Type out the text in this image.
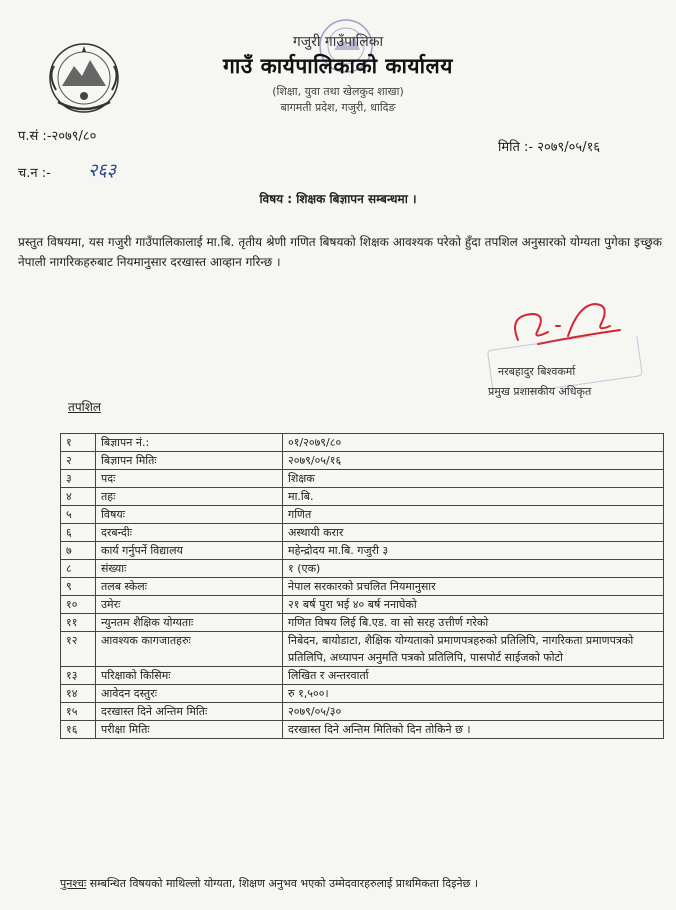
गजुरी गाउँपालिका
गाउँ कार्यपालिकाको कार्यालय
(शिक्षा, युवा तथा खेलकुद शाखा)
बागमती प्रदेश, गजुरी, धादिङ
प.सं :-२०७९/८०
मिति :- २०७९/०५/१६
च.न :- २६३
विषय : शिक्षक बिज्ञापन सम्बन्धमा ।
प्रस्तुत विषयमा, यस गजुरी गाउँपालिकालाई मा.बि. तृतीय श्रेणी गणित बिषयको शिक्षक आवश्यक परेको हुँदा तपशिल अनुसारको योग्यता पुगेका इच्छुक नेपाली नागरिकहरुबाट नियमानुसार दरखास्त आव्हान गरिन्छ ।
नरबहादुर बिश्वकर्मा
प्रमुख प्रशासकीय अधिकृत
तपशिल
१	बिज्ञापन नं.:	०१/२०७९/८०
२	बिज्ञापन मितिः	२०७९/०५/१६
३	पदः	शिक्षक
४	तहः	मा.बि.
५	विषयः	गणित
६	दरबन्दीः	अस्थायी करार
७	कार्य गर्नुपर्ने विद्यालय	महेन्द्रोदय मा.बि. गजुरी ३
८	संख्याः	१ (एक)
९	तलब स्केलः	नेपाल सरकारको प्रचलित नियमानुसार
१०	उमेरः	२१ बर्ष पुरा भई ४० बर्ष ननाघेको
११	न्युनतम शैक्षिक योग्यताः	गणित विषय लिई बि.एड. वा सो सरह उत्तीर्ण गरेको
१२	आवश्यक कागजातहरुः	निबेदन, बायोडाटा, शैक्षिक योग्यताको प्रमाणपत्रहरुको प्रतिलिपि, नागरिकता प्रमाणपत्रको प्रतिलिपि, अध्यापन अनुमति पत्रको प्रतिलिपि, पासपोर्ट साईजको फोटो
१३	परिक्षाको किसिमः	लिखित र अन्तरवार्ता
१४	आवेदन दस्तुरः	रु १,५००।
१५	दरखास्त दिने अन्तिम मितिः	२०७९/०५/३०
१६	परीक्षा मितिः	दरखास्त दिने अन्तिम मितिको दिन तोकिने छ ।
पुनश्चः सम्बन्धित विषयको माथिल्लो योग्यता, शिक्षण अनुभव भएको उम्मेदवारहरुलाई प्राथमिकता दिइनेछ ।
